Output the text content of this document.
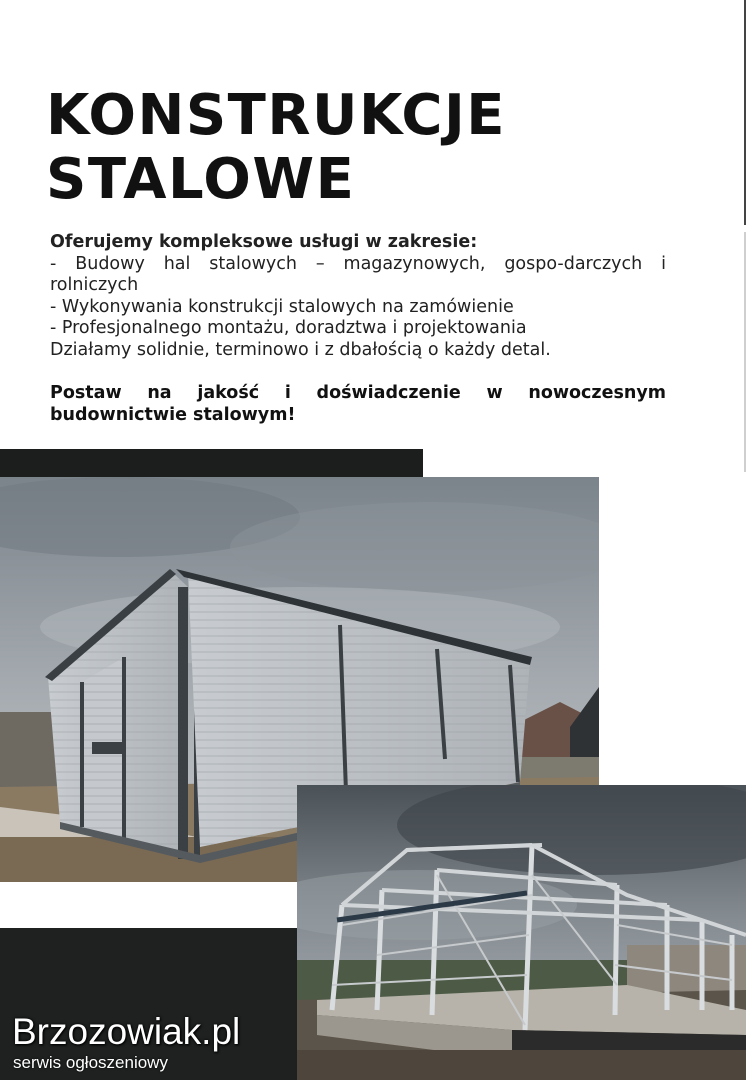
KONSTRUKCJE
STALOWE

Oferujemy kompleksowe usługi w zakresie:

- Budowy hal stalowych – magazynowych, gospo-darczych i rolniczych

- Wykonywania konstrukcji stalowych na zamówienie

- Profesjonalnego montażu, doradztwa i projektowania

Działamy solidnie, terminowo i z dbałością o każdy detal.

Postaw na jakość i doświadczenie w nowoczesnym budownictwie stalowym!

Brzozowiak.pl
serwis ogłoszeniowy
